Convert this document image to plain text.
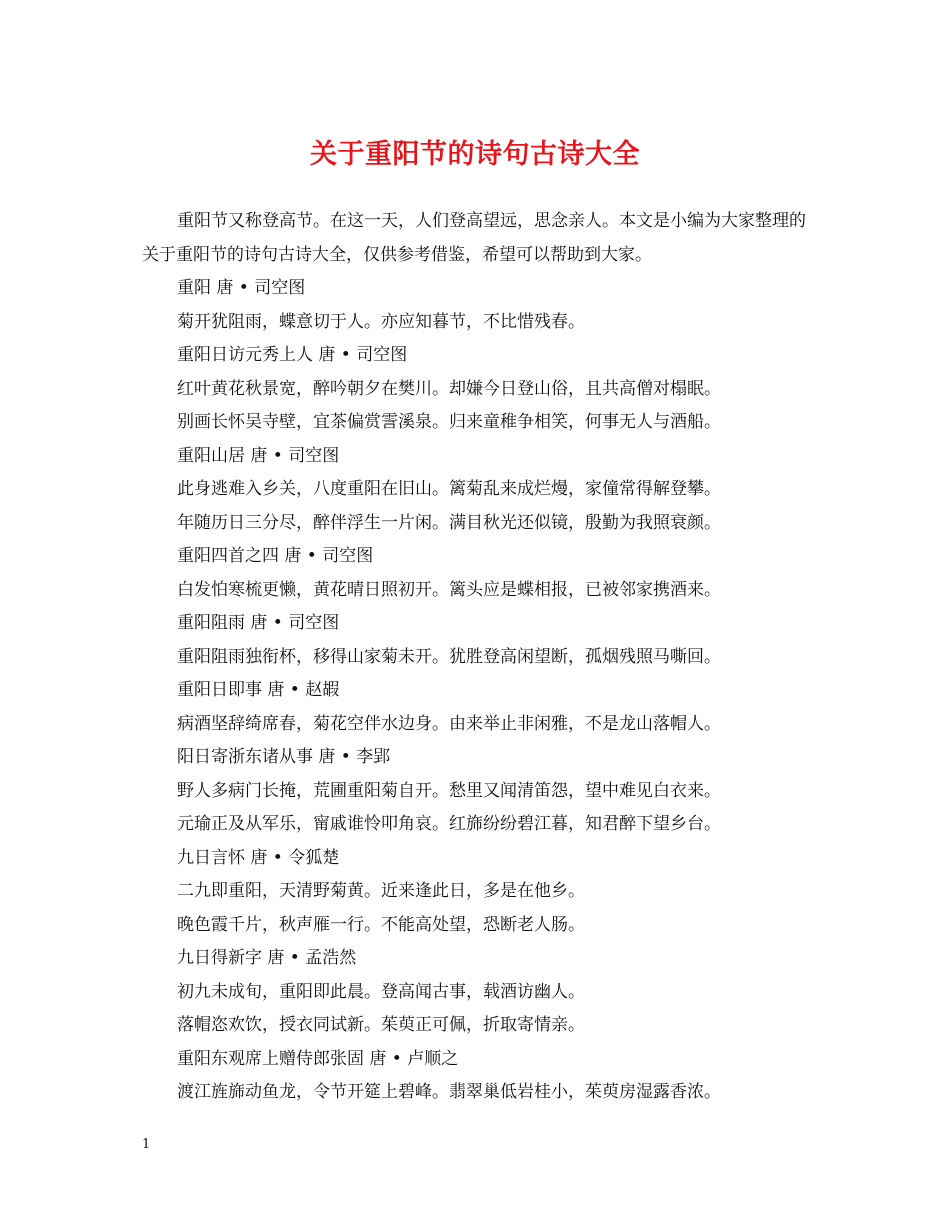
关于重阳节的诗句古诗大全

重阳节又称登高节。在这一天，人们登高望远，思念亲人。本文是小编为大家整理的关于重阳节的诗句古诗大全，仅供参考借鉴，希望可以帮助到大家。

重阳 唐 • 司空图

菊开犹阻雨，蝶意切于人。亦应知暮节，不比惜残春。

重阳日访元秀上人 唐 • 司空图

红叶黄花秋景宽，醉吟朝夕在樊川。却嫌今日登山俗，且共高僧对榻眠。

别画长怀吴寺壁，宜茶偏赏霅溪泉。归来童稚争相笑，何事无人与酒船。

重阳山居 唐 • 司空图

此身逃难入乡关，八度重阳在旧山。篱菊乱来成烂熳，家僮常得解登攀。

年随历日三分尽，醉伴浮生一片闲。满目秋光还似镜，殷勤为我照衰颜。

重阳四首之四 唐 • 司空图

白发怕寒梳更懒，黄花晴日照初开。篱头应是蝶相报，已被邻家携酒来。

重阳阻雨 唐 • 司空图

重阳阻雨独衔杯，移得山家菊未开。犹胜登高闲望断，孤烟残照马嘶回。

重阳日即事 唐 • 赵嘏

病酒坚辞绮席春，菊花空伴水边身。由来举止非闲雅，不是龙山落帽人。

阳日寄浙东诸从事 唐 • 李郢

野人多病门长掩，荒圃重阳菊自开。愁里又闻清笛怨，望中难见白衣来。

元瑜正及从军乐，甯戚谁怜叩角哀。红旆纷纷碧江暮，知君醉下望乡台。

九日言怀 唐 • 令狐楚

二九即重阳，天清野菊黄。近来逢此日，多是在他乡。

晚色霞千片，秋声雁一行。不能高处望，恐断老人肠。

九日得新字 唐 • 孟浩然

初九未成旬，重阳即此晨。登高闻古事，载酒访幽人。

落帽恣欢饮，授衣同试新。茱萸正可佩，折取寄情亲。

重阳东观席上赠侍郎张固 唐 • 卢顺之

渡江旌旆动鱼龙，令节开筵上碧峰。翡翠巢低岩桂小，茱萸房湿露香浓。

1
